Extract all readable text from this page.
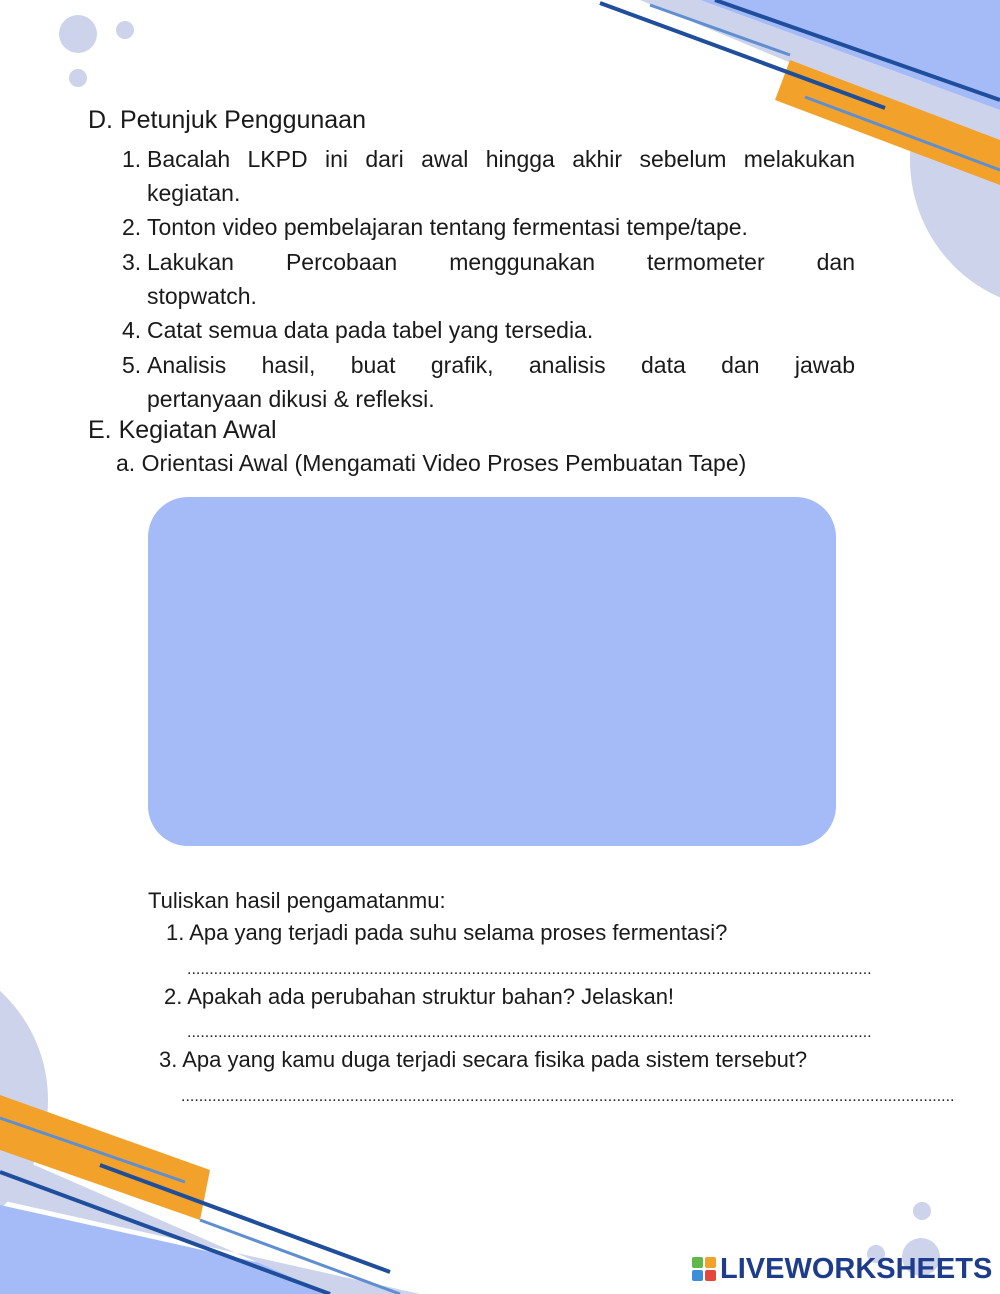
D. Petunjuk Penggunaan
1. Bacalah LKPD ini dari awal hingga akhir sebelum melakukan
kegiatan.
2. Tonton video pembelajaran tentang fermentasi tempe/tape.
3. Lakukan Percobaan menggunakan termometer dan
stopwatch.
4. Catat semua data pada tabel yang tersedia.
5. Analisis hasil, buat grafik, analisis data dan jawab
pertanyaan dikusi & refleksi.
E. Kegiatan Awal
a. Orientasi Awal (Mengamati Video Proses Pembuatan Tape)
Tuliskan hasil pengamatanmu:
1. Apa yang terjadi pada suhu selama proses fermentasi?
..........................................................................................................................................................
2. Apakah ada perubahan struktur bahan? Jelaskan!
..........................................................................................................................................................
3. Apa yang kamu duga terjadi secara fisika pada sistem tersebut?
..............................................................................................................................................................................
LIVEWORKSHEETS
